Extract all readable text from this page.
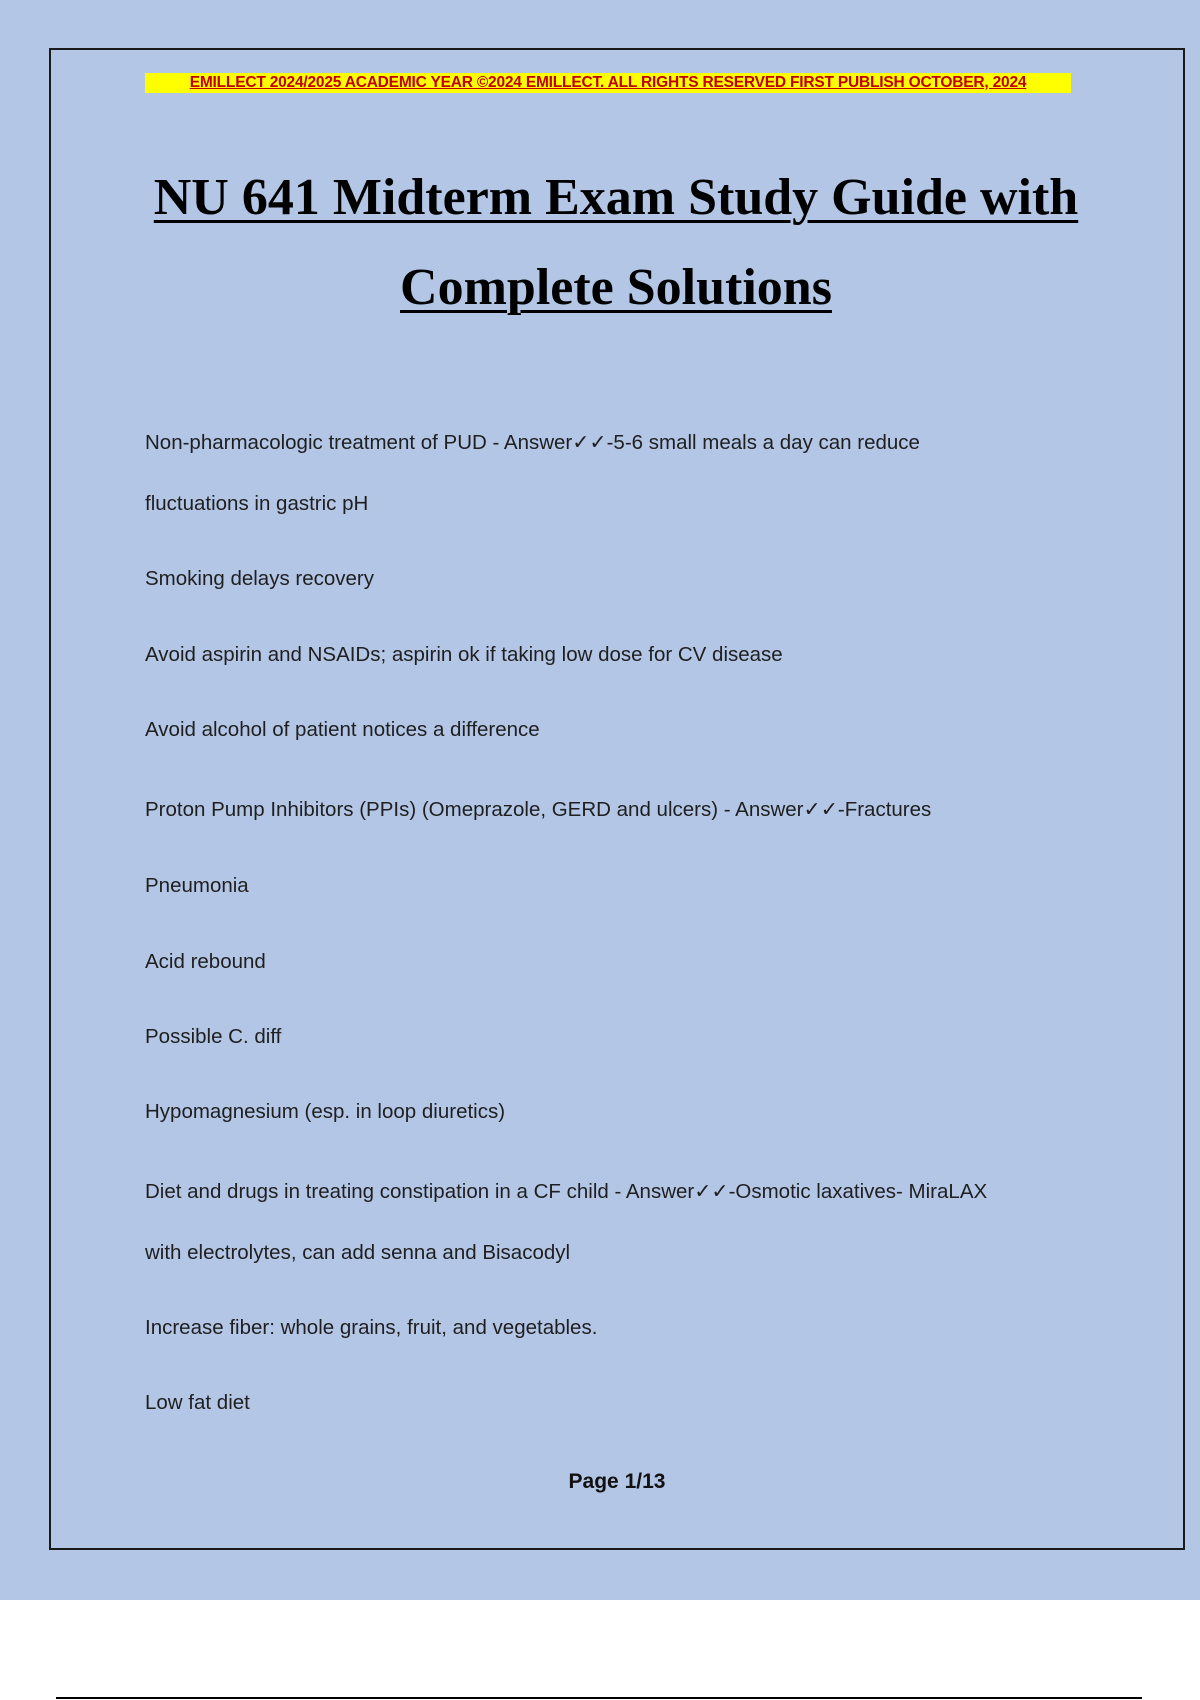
EMILLECT 2024/2025 ACADEMIC YEAR ©2024 EMILLECT. ALL RIGHTS RESERVED FIRST PUBLISH OCTOBER, 2024
NU 641 Midterm Exam Study Guide with
Complete Solutions

Non-pharmacologic treatment of PUD - Answer✓✓-5-6 small meals a day can reduce

fluctuations in gastric pH

Smoking delays recovery

Avoid aspirin and NSAIDs; aspirin ok if taking low dose for CV disease

Avoid alcohol of patient notices a difference

Proton Pump Inhibitors (PPIs) (Omeprazole, GERD and ulcers) - Answer✓✓-Fractures

Pneumonia

Acid rebound

Possible C. diff

Hypomagnesium (esp. in loop diuretics)

Diet and drugs in treating constipation in a CF child - Answer✓✓-Osmotic laxatives- MiraLAX

with electrolytes, can add senna and Bisacodyl

Increase fiber: whole grains, fruit, and vegetables.

Low fat diet

Page 1/13
